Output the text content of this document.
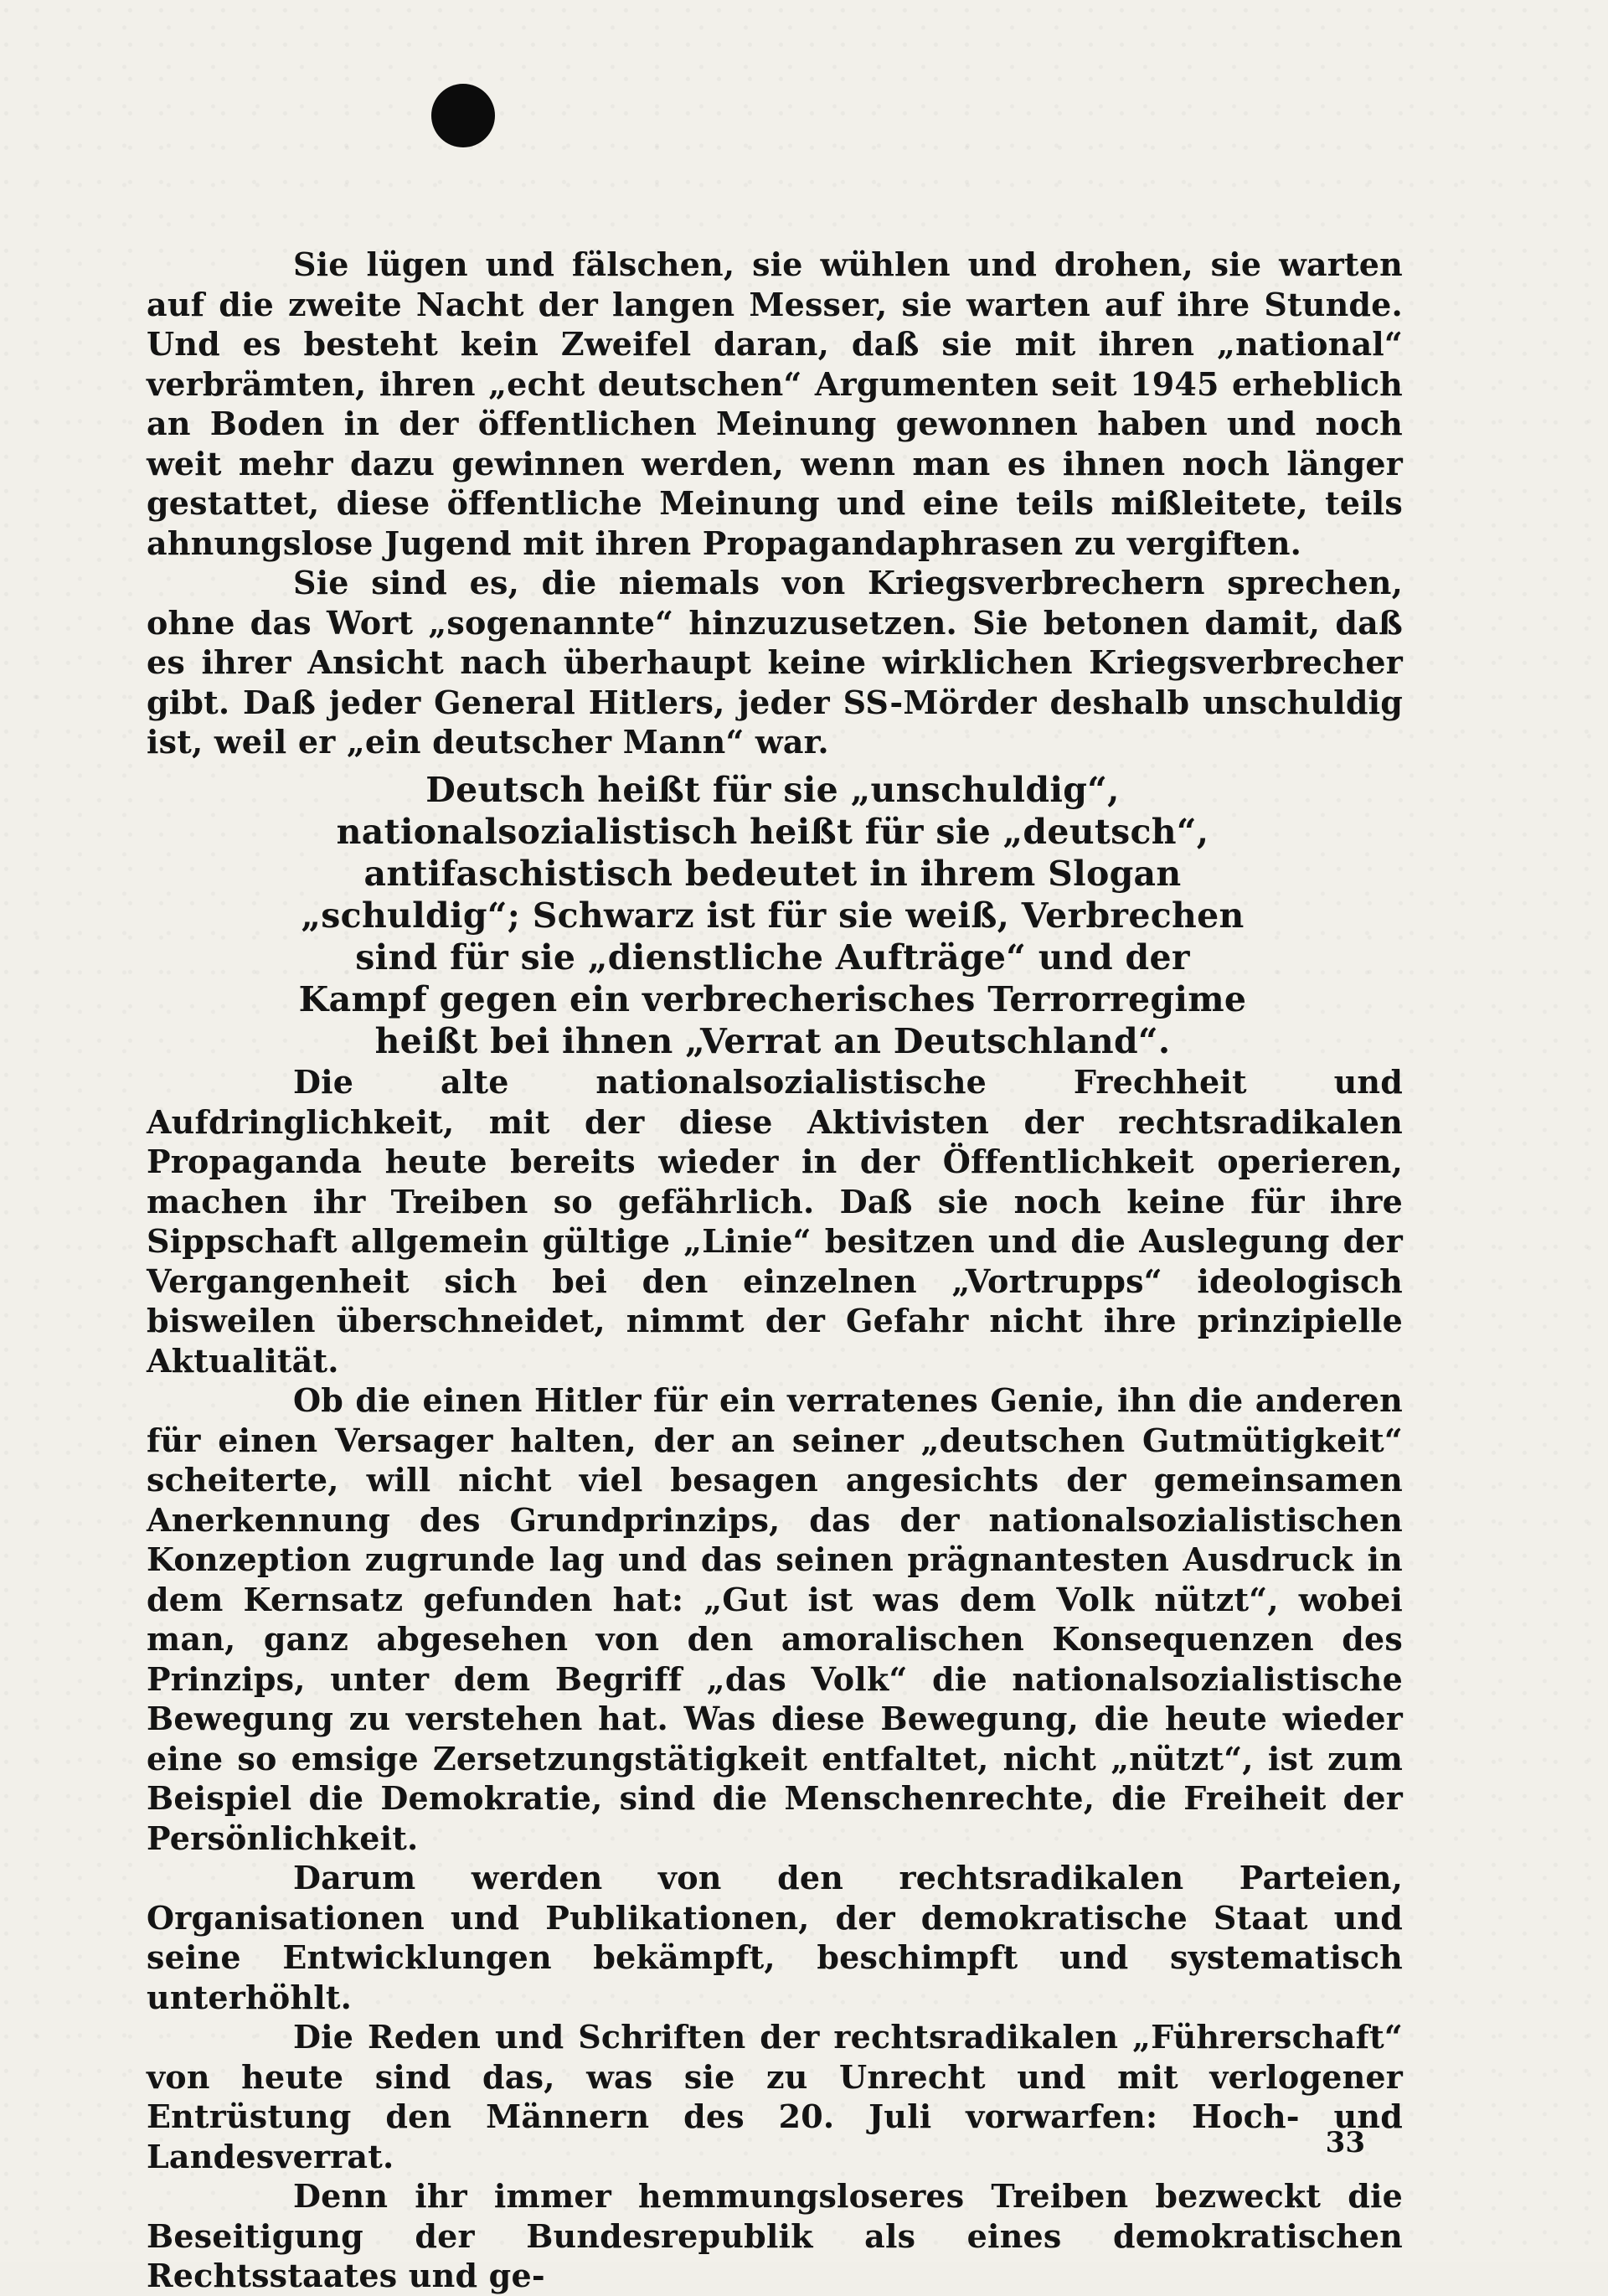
Sie lügen und fälschen, sie wühlen und drohen, sie warten auf die zweite Nacht der langen Messer, sie warten auf ihre Stunde. Und es besteht kein Zweifel daran, daß sie mit ihren „national“ verbrämten, ihren „echt deutschen“ Argumenten seit 1945 erheblich an Boden in der öffentlichen Meinung gewonnen haben und noch weit mehr dazu gewinnen werden, wenn man es ihnen noch länger gestattet, diese öffentliche Meinung und eine teils mißleitete, teils ahnungslose Jugend mit ihren Propagandaphrasen zu vergiften.

Sie sind es, die niemals von Kriegsverbrechern sprechen, ohne das Wort „sogenannte“ hinzuzusetzen. Sie betonen damit, daß es ihrer Ansicht nach überhaupt keine wirklichen Kriegsverbrecher gibt. Daß jeder General Hitlers, jeder SS-Mörder deshalb unschuldig ist, weil er „ein deutscher Mann“ war.

Deutsch heißt für sie „unschuldig“, nationalsozialistisch heißt für sie „deutsch“, antifaschistisch bedeutet in ihrem Slogan „schuldig“; Schwarz ist für sie weiß, Verbrechen sind für sie „dienstliche Aufträge“ und der Kampf gegen ein verbrecherisches Terrorregime heißt bei ihnen „Verrat an Deutschland“.

Die alte nationalsozialistische Frechheit und Aufdringlichkeit, mit der diese Aktivisten der rechtsradikalen Propaganda heute bereits wieder in der Öffentlichkeit operieren, machen ihr Treiben so gefährlich. Daß sie noch keine für ihre Sippschaft allgemein gültige „Linie“ besitzen und die Auslegung der Vergangenheit sich bei den einzelnen „Vortrupps“ ideologisch bisweilen überschneidet, nimmt der Gefahr nicht ihre prinzipielle Aktualität.

Ob die einen Hitler für ein verratenes Genie, ihn die anderen für einen Versager halten, der an seiner „deutschen Gutmütigkeit“ scheiterte, will nicht viel besagen angesichts der gemeinsamen Anerkennung des Grundprinzips, das der nationalsozialistischen Konzeption zugrunde lag und das seinen prägnantesten Ausdruck in dem Kernsatz gefunden hat: „Gut ist was dem Volk nützt“, wobei man, ganz abgesehen von den amoralischen Konsequenzen des Prinzips, unter dem Begriff „das Volk“ die nationalsozialistische Bewegung zu verstehen hat. Was diese Bewegung, die heute wieder eine so emsige Zersetzungstätigkeit entfaltet, nicht „nützt“, ist zum Beispiel die Demokratie, sind die Menschenrechte, die Freiheit der Persönlichkeit.

Darum werden von den rechtsradikalen Parteien, Organisationen und Publikationen, der demokratische Staat und seine Entwicklungen bekämpft, beschimpft und systematisch unterhöhlt.

Die Reden und Schriften der rechtsradikalen „Führerschaft“ von heute sind das, was sie zu Unrecht und mit verlogener Entrüstung den Männern des 20. Juli vorwarfen: Hoch- und Landesverrat.

Denn ihr immer hemmungsloseres Treiben bezweckt die Beseitigung der Bundesrepublik als eines demokratischen Rechtsstaates und ge-

33
